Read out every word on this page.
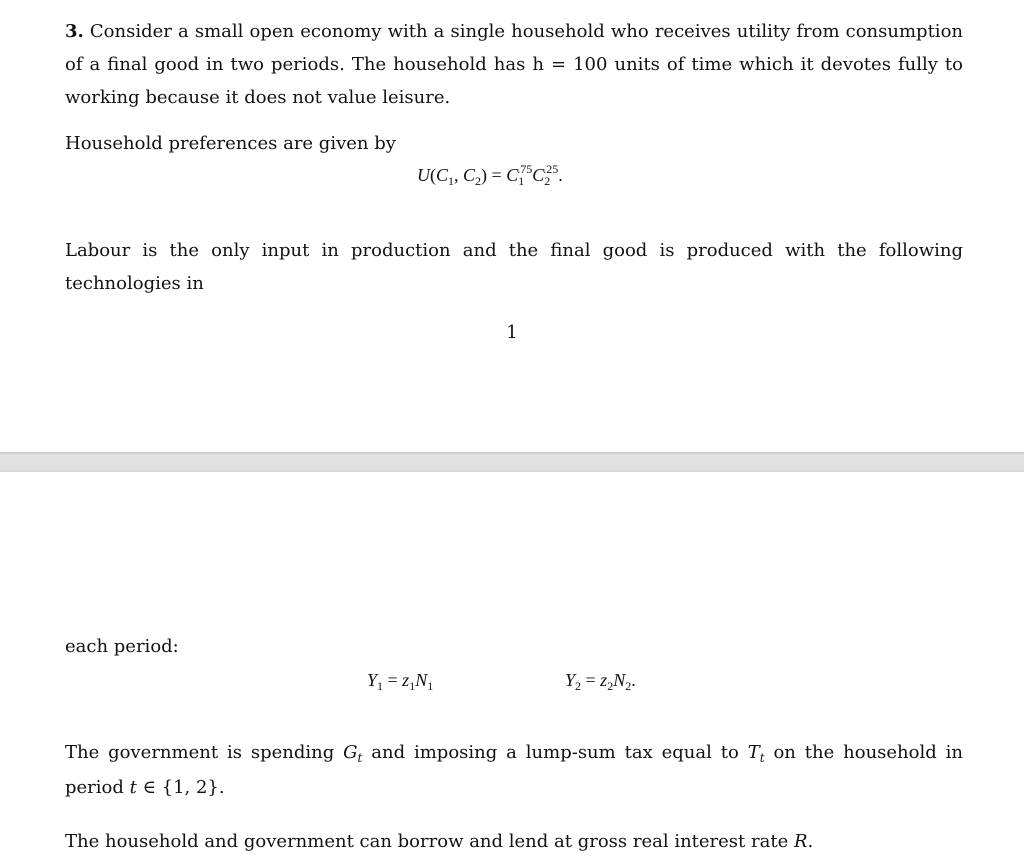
3. Consider a small open economy with a single household who receives utility from consumption of a final good in two periods. The household has h = 100 units of time which it devotes fully to working because it does not value leisure.

Household preferences are given by

$U(C_1$, $C_2) = C_1^{.75}C_2^{.25}$.

Labour is the only input in production and the final good is produced with the following technologies in

1

each period:

$Y_1 = z_1N_1$	$Y_2 = z_2N_2$.

The government is spending $G_t$ and imposing a lump-sum tax equal to $T_t$ on the household in period t ∈ {1, 2}.

The household and government can borrow and lend at gross real interest rate R.
